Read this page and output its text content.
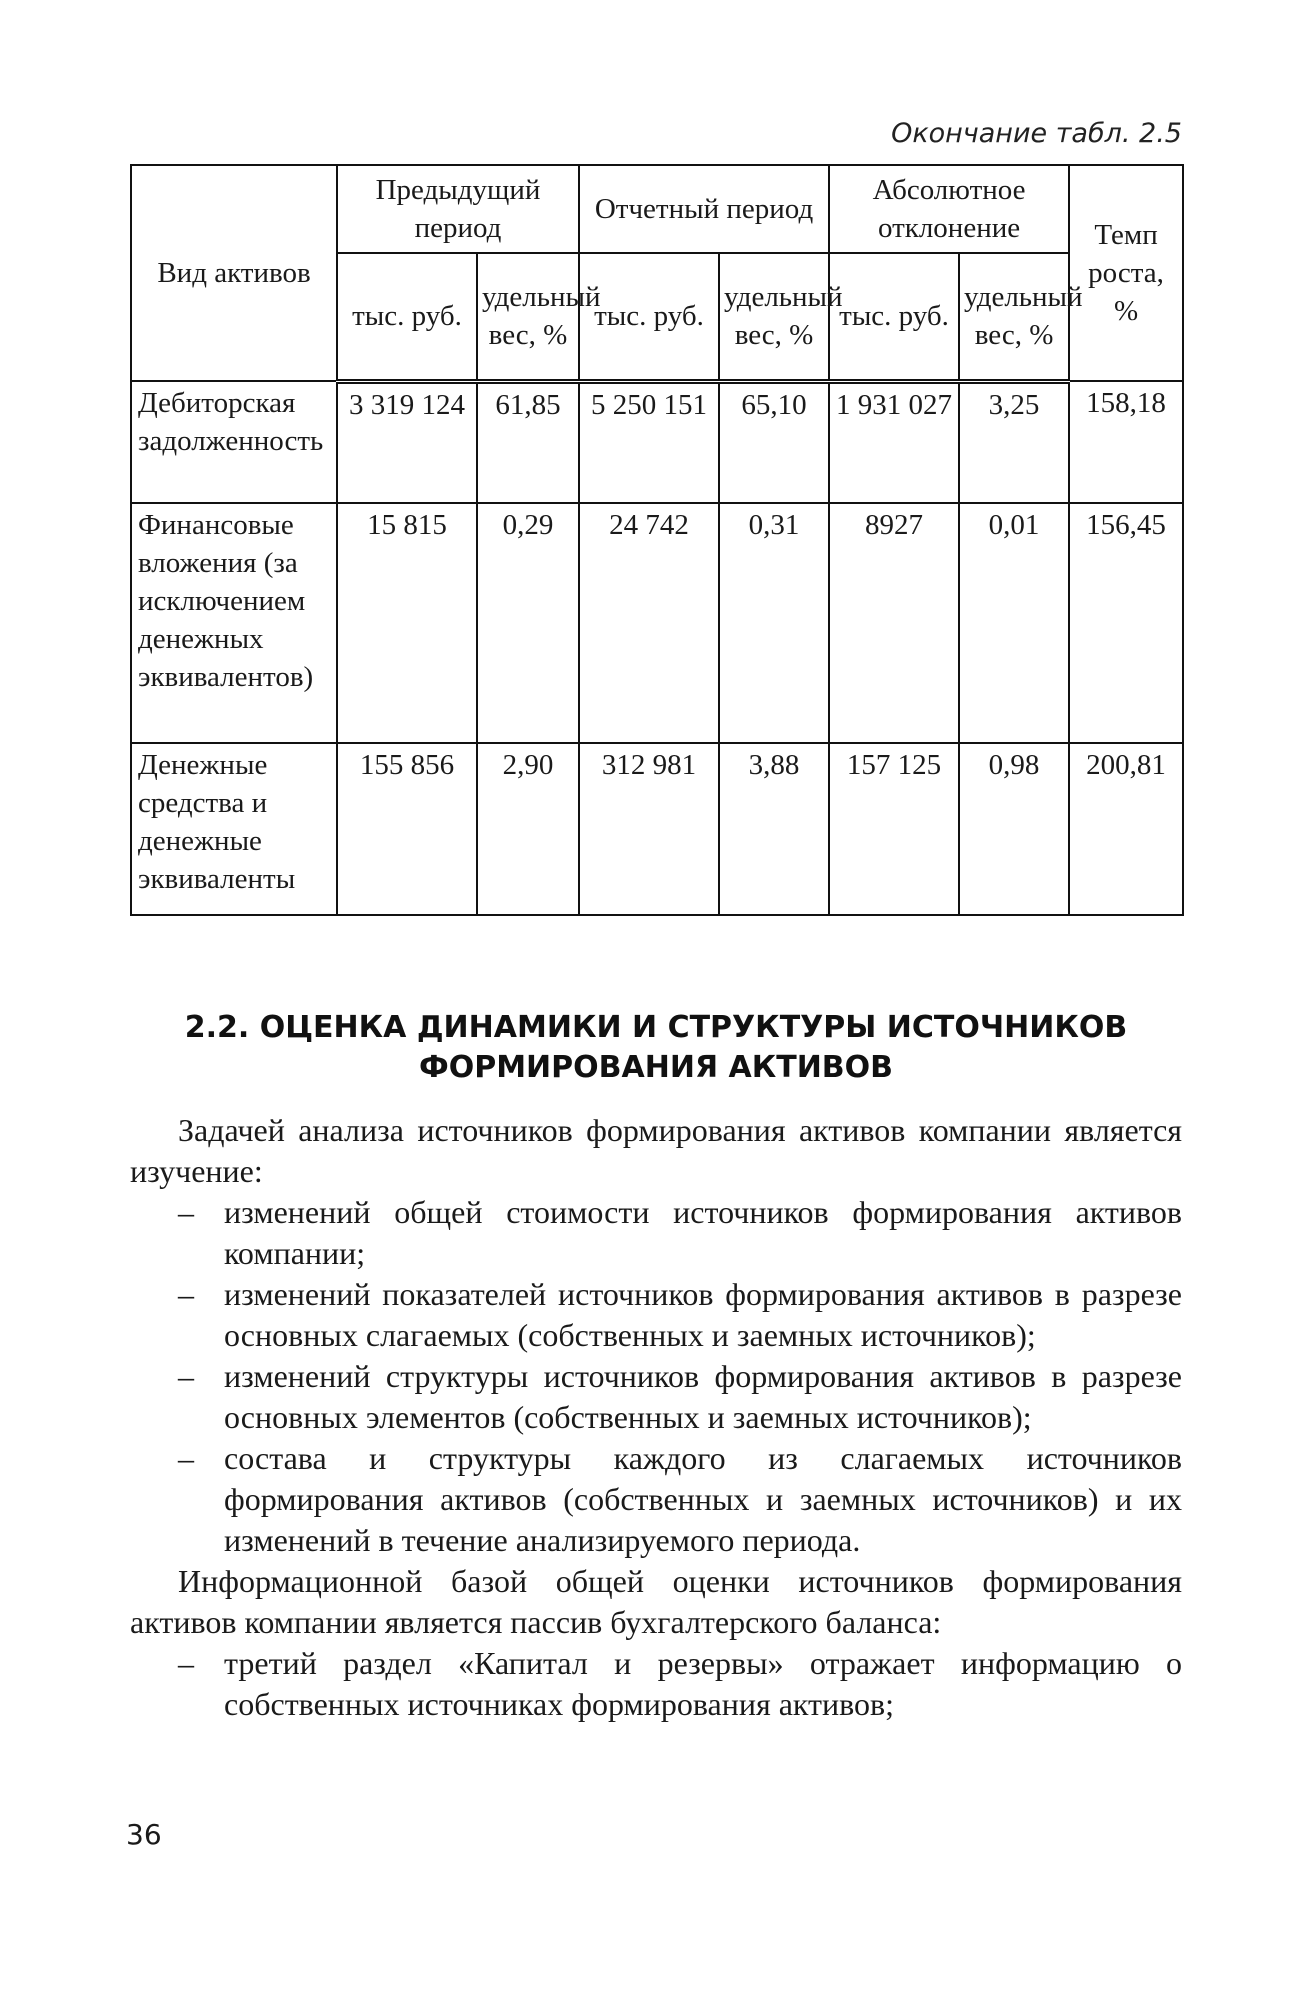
Окончание табл. 2.5
Вид активов	Предыдущий период		Отчетный период		Абсолютное отклонение		Темп роста, %
	тыс. руб.	удельный вес, %	тыс. руб.	удельный вес, %	тыс. руб.	удельный вес, %	
Дебиторская задолженность	3 319 124	61,85	5 250 151	65,10	1 931 027	3,25	158,18
Финансовые вложения (за исключением денежных эквивалентов)	15 815	0,29	24 742	0,31	8927	0,01	156,45
Денежные средства и денежные эквиваленты	155 856	2,90	312 981	3,88	157 125	0,98	200,81
2.2. ОЦЕНКА ДИНАМИКИ И СТРУКТУРЫ ИСТОЧНИКОВ
ФОРМИРОВАНИЯ АКТИВОВ

Задачей анализа источников формирования активов компании является изучение:

– изменений общей стоимости источников формирования активов компании;
– изменений показателей источников формирования активов в разрезе основных слагаемых (собственных и заемных источников);
– изменений структуры источников формирования активов в разрезе основных элементов (собственных и заемных источников);
– состава и структуры каждого из слагаемых источников формирования активов (собственных и заемных источников) и их изменений в течение анализируемого периода.

Информационной базой общей оценки источников формирования активов компании является пассив бухгалтерского баланса:

– третий раздел «Капитал и резервы» отражает информацию о собственных источниках формирования активов;
36
